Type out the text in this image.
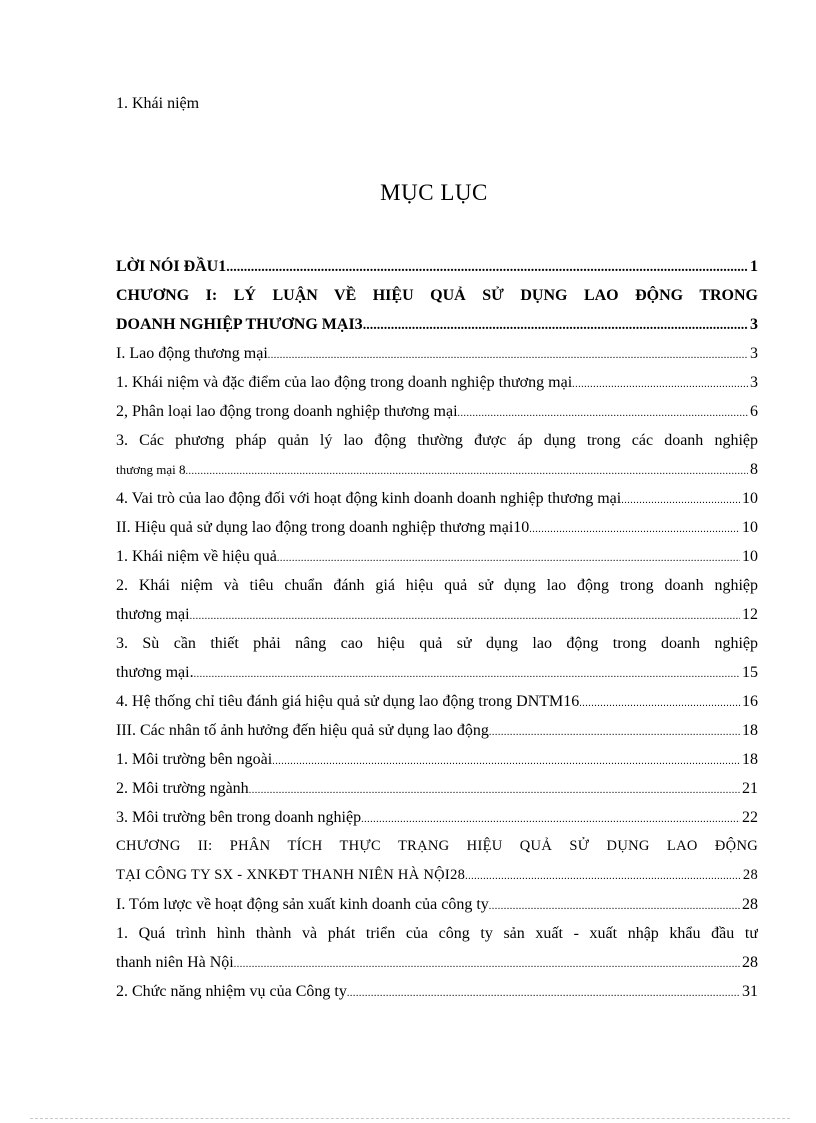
1. Khái niệm

MỤC LỤC
LỜI NÓI ĐẦU1 .....	1
CHƯƠNG I: LÝ LUẬN VỀ HIỆU QUẢ SỬ DỤNG LAO ĐỘNG TRONG
DOANH NGHIỆP THƯƠNG MẠI3 .....	3
I. Lao động thương mại .....	3
1. Khái niệm và đặc điểm của lao động trong doanh nghiệp thương mại .....	3
2, Phân loại lao động trong doanh nghiệp thương mại .....	6
3. Các phương pháp quản lý lao động thường được áp dụng trong các doanh nghiệp
thương mại 8 .....	8
4. Vai trò của lao động đối với hoạt động kinh doanh doanh nghiệp thương mại .....	10
II. Hiệu quả sử dụng lao động trong doanh nghiệp thương mại10 .....	10
1. Khái niệm về hiệu quả .....	10
2. Khái niệm và tiêu chuẩn đánh giá hiệu quả sử dụng lao động trong doanh nghiệp
thương mại .....	12
3. Sù cần thiết phải nâng cao hiệu quả sử dụng lao động trong doanh nghiệp
thương mại. .....	15
4. Hệ thống chỉ tiêu đánh giá hiệu quả sử dụng lao động trong DNTM16 .....	16
III. Các nhân tố ảnh hưởng đến hiệu quả sử dụng lao động .....	18
1. Môi trường bên ngoài .....	18
2. Môi trường ngành .....	21
3. Môi trường bên trong doanh nghiệp .....	22
CHƯƠNG II: PHÂN TÍCH THỰC TRẠNG HIỆU QUẢ SỬ DỤNG LAO ĐỘNG
TẠI CÔNG TY SX - XNKĐT THANH NIÊN HÀ NỘI28 .....	28
I. Tóm lược về hoạt động sản xuất kinh doanh của công ty .....	28
1. Quá trình hình thành và phát triển của công ty sản xuất - xuất nhập khẩu đầu tư
thanh niên Hà Nội .....	28
2. Chức năng nhiệm vụ của Công ty .....	31
